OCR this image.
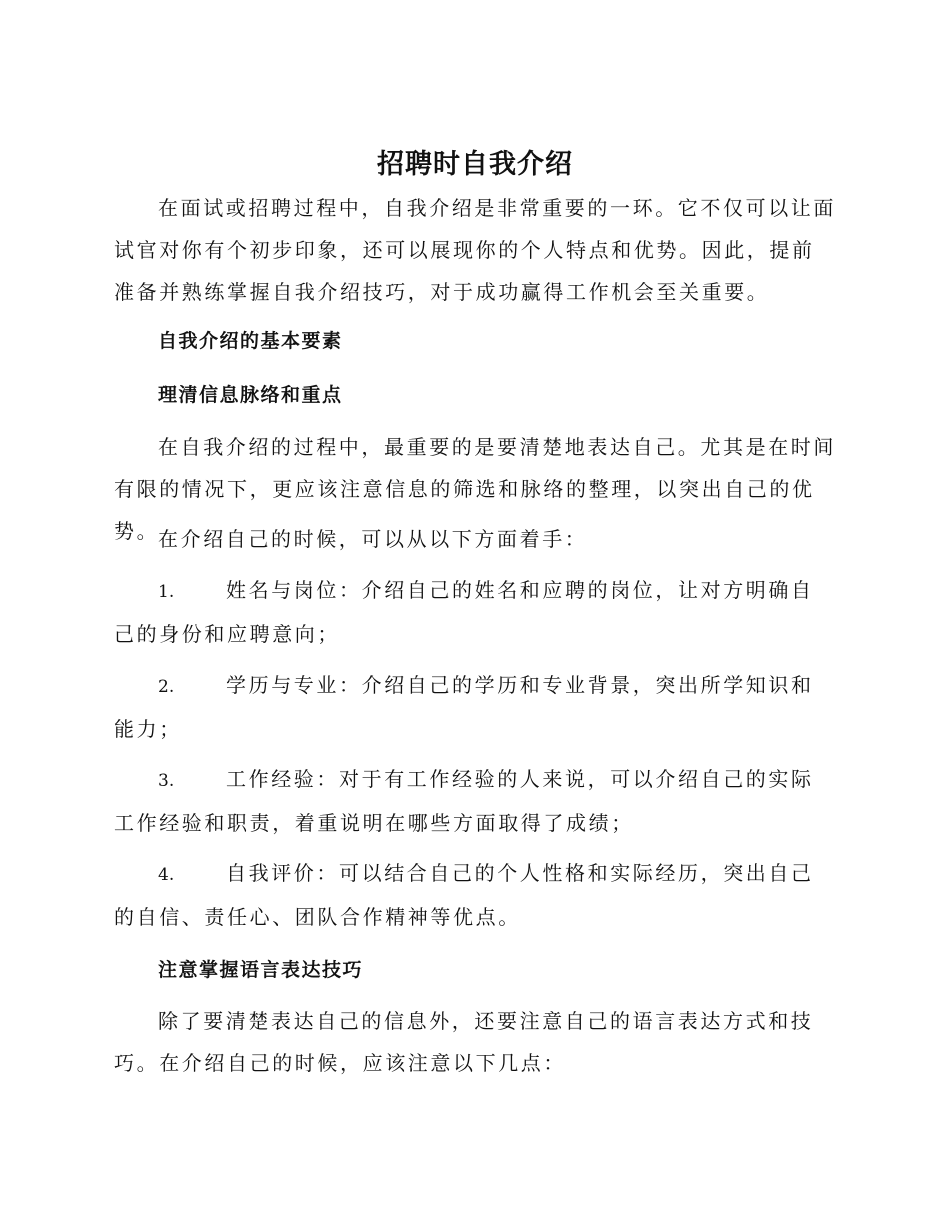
招聘时自我介绍

在面试或招聘过程中，自我介绍是非常重要的一环。它不仅可以让面试官对你有个初步印象，还可以展现你的个人特点和优势。因此，提前准备并熟练掌握自我介绍技巧，对于成功赢得工作机会至关重要。

自我介绍的基本要素

理清信息脉络和重点

在自我介绍的过程中，最重要的是要清楚地表达自己。尤其是在时间有限的情况下，更应该注意信息的筛选和脉络的整理，以突出自己的优势。

在介绍自己的时候，可以从以下方面着手：

1.	姓名与岗位：介绍自己的姓名和应聘的岗位，让对方明确自己的身份和应聘意向；

2.	学历与专业：介绍自己的学历和专业背景，突出所学知识和能力；

3.	工作经验：对于有工作经验的人来说，可以介绍自己的实际工作经验和职责，着重说明在哪些方面取得了成绩；

4.	自我评价：可以结合自己的个人性格和实际经历，突出自己的自信、责任心、团队合作精神等优点。

注意掌握语言表达技巧

除了要清楚表达自己的信息外，还要注意自己的语言表达方式和技巧。在介绍自己的时候，应该注意以下几点：
